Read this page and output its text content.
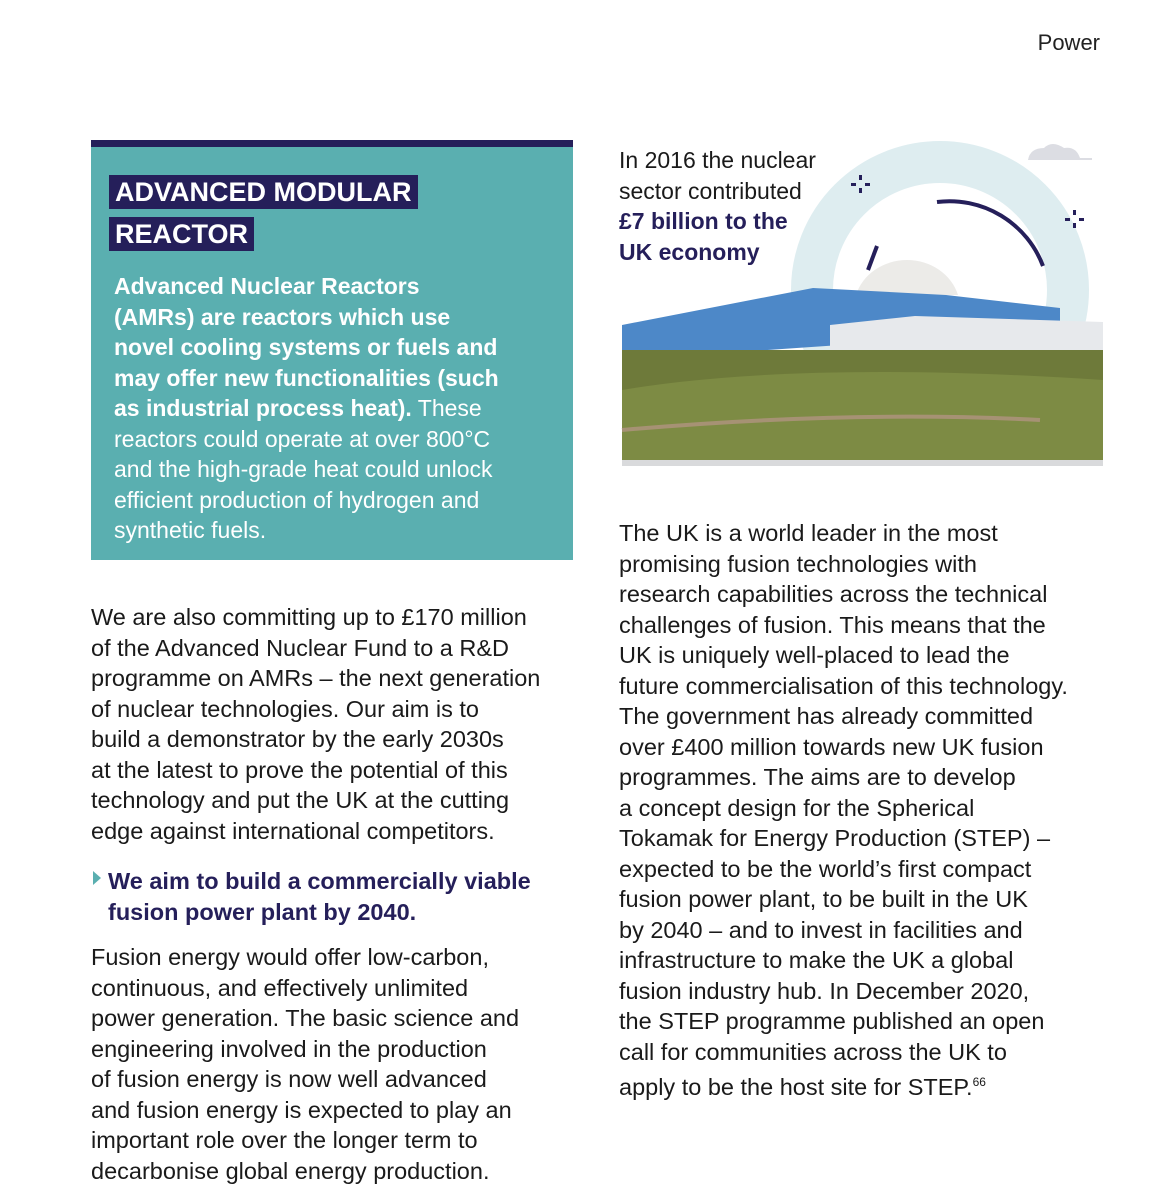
Power
ADVANCED MODULAR
REACTOR
Advanced Nuclear Reactors
(AMRs) are reactors which use
novel cooling systems or fuels and
may offer new functionalities (such
as industrial process heat). These
reactors could operate at over 800°C
and the high-grade heat could unlock
efficient production of hydrogen and
synthetic fuels.
We are also committing up to £170 million
of the Advanced Nuclear Fund to a R&D
programme on AMRs – the next generation
of nuclear technologies. Our aim is to
build a demonstrator by the early 2030s
at the latest to prove the potential of this
technology and put the UK at the cutting
edge against international competitors.
We aim to build a commercially viable
fusion power plant by 2040.
Fusion energy would offer low-carbon,
continuous, and effectively unlimited
power generation. The basic science and
engineering involved in the production
of fusion energy is now well advanced
and fusion energy is expected to play an
important role over the longer term to
decarbonise global energy production.
In 2016 the nuclear
sector contributed
£7 billion to the
UK economy
The UK is a world leader in the most
promising fusion technologies with
research capabilities across the technical
challenges of fusion. This means that the
UK is uniquely well-placed to lead the
future commercialisation of this technology.
The government has already committed
over £400 million towards new UK fusion
programmes. The aims are to develop
a concept design for the Spherical
Tokamak for Energy Production (STEP) –
expected to be the world’s first compact
fusion power plant, to be built in the UK
by 2040 – and to invest in facilities and
infrastructure to make the UK a global
fusion industry hub. In December 2020,
the STEP programme published an open
call for communities across the UK to
apply to be the host site for STEP.$^{66}$
